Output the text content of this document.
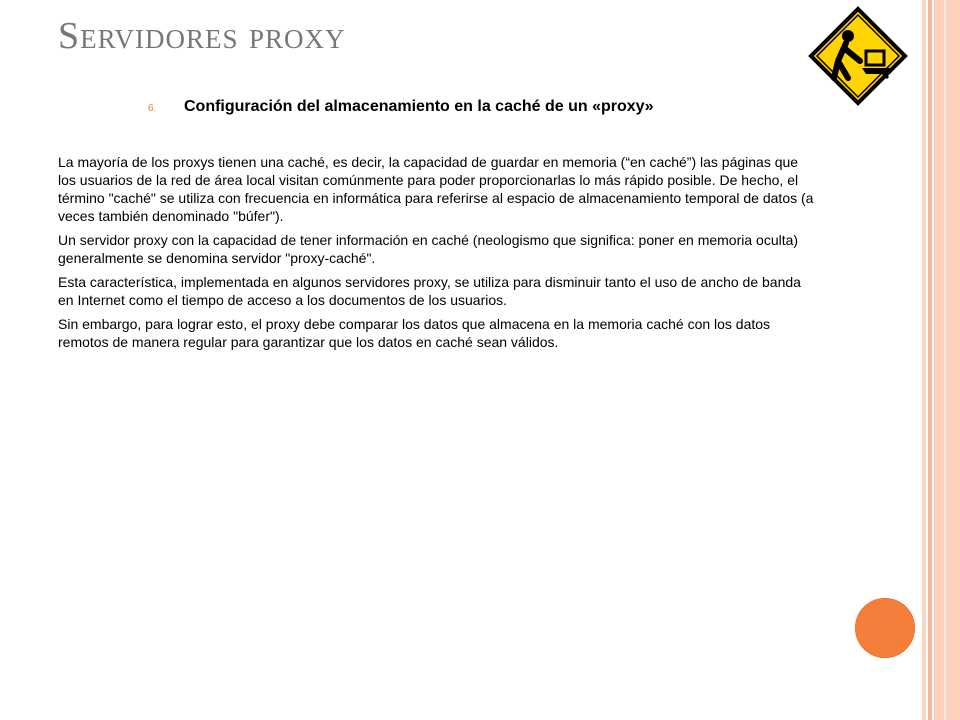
Servidores proxy
6. Configuración del almacenamiento en la caché de un «proxy»

La mayoría de los proxys tienen una caché, es decir, la capacidad de guardar en memoria (“en caché”) las páginas que los usuarios de la red de área local visitan comúnmente para poder proporcionarlas lo más rápido posible. De hecho, el término "caché" se utiliza con frecuencia en informática para referirse al espacio de almacenamiento temporal de datos (a veces también denominado "búfer").

Un servidor proxy con la capacidad de tener información en caché (neologismo que significa: poner en memoria oculta) generalmente se denomina servidor "proxy-caché".

Esta característica, implementada en algunos servidores proxy, se utiliza para disminuir tanto el uso de ancho de banda en Internet como el tiempo de acceso a los documentos de los usuarios.

Sin embargo, para lograr esto, el proxy debe comparar los datos que almacena en la memoria caché con los datos remotos de manera regular para garantizar que los datos en caché sean válidos.
